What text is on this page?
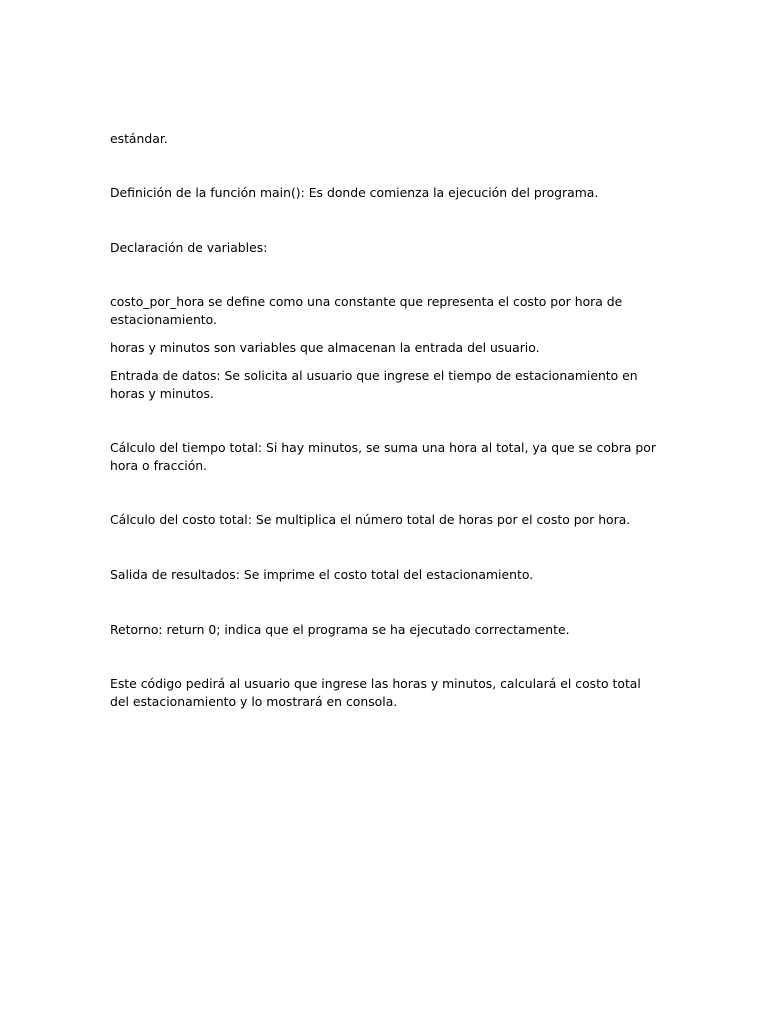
estándar.

Definición de la función main(): Es donde comienza la ejecución del programa.

Declaración de variables:

costo_por_hora se define como una constante que representa el costo por hora de estacionamiento.

horas y minutos son variables que almacenan la entrada del usuario.

Entrada de datos: Se solicita al usuario que ingrese el tiempo de estacionamiento en horas y minutos.

Cálculo del tiempo total: Si hay minutos, se suma una hora al total, ya que se cobra por hora o fracción.

Cálculo del costo total: Se multiplica el número total de horas por el costo por hora.

Salida de resultados: Se imprime el costo total del estacionamiento.

Retorno: return 0; indica que el programa se ha ejecutado correctamente.

Este código pedirá al usuario que ingrese las horas y minutos, calculará el costo total del estacionamiento y lo mostrará en consola.
